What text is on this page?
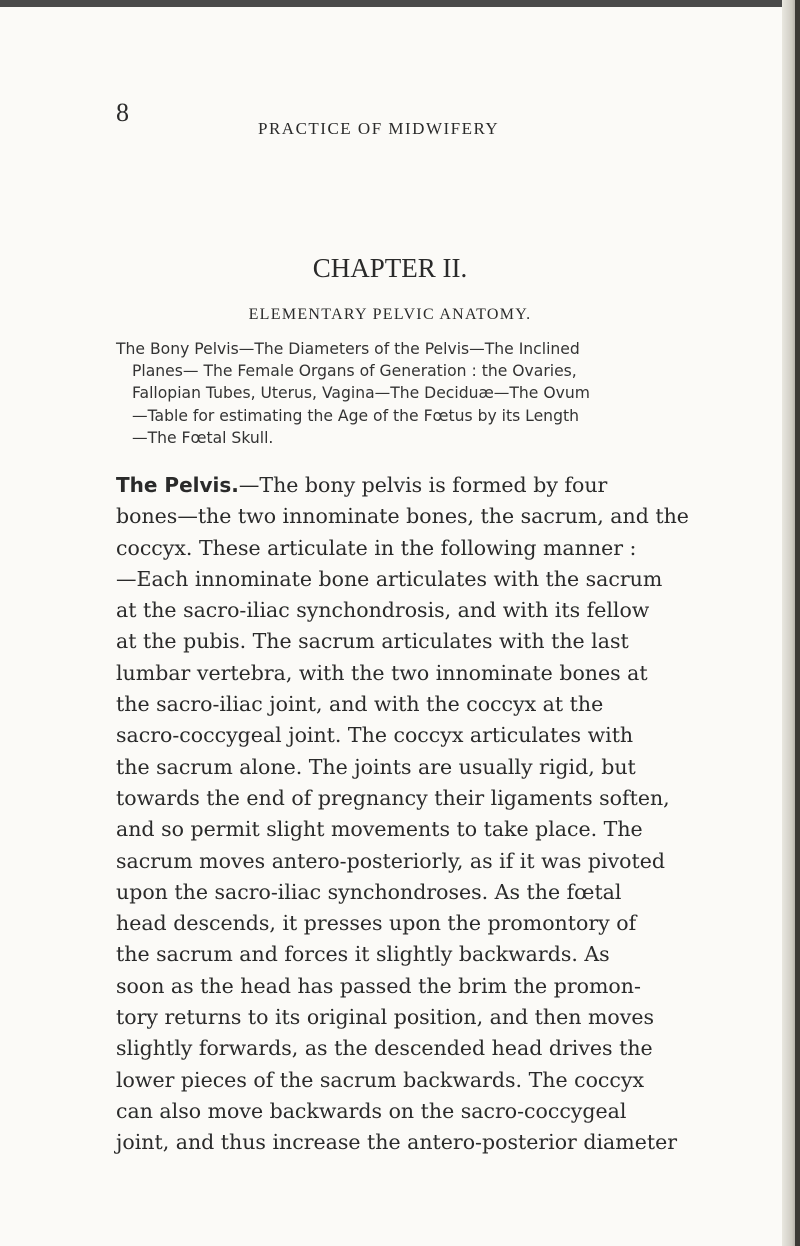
8
PRACTICE OF MIDWIFERY
CHAPTER II.
ELEMENTARY PELVIC ANATOMY.
The Bony Pelvis—The Diameters of the Pelvis—The Inclined
Planes— The Female Organs of Generation : the Ovaries,
Fallopian Tubes, Uterus, Vagina—The Deciduæ—The Ovum
—Table for estimating the Age of the Fœtus by its Length
—The Fœtal Skull.
The Pelvis.—The bony pelvis is formed by four
bones—the two innominate bones, the sacrum, and the
coccyx. These articulate in the following manner :
—Each innominate bone articulates with the sacrum
at the sacro-iliac synchondrosis, and with its fellow
at the pubis. The sacrum articulates with the last
lumbar vertebra, with the two innominate bones at
the sacro-iliac joint, and with the coccyx at the
sacro-coccygeal joint. The coccyx articulates with
the sacrum alone. The joints are usually rigid, but
towards the end of pregnancy their ligaments soften,
and so permit slight movements to take place. The
sacrum moves antero-posteriorly, as if it was pivoted
upon the sacro-iliac synchondroses. As the fœtal
head descends, it presses upon the promontory of
the sacrum and forces it slightly backwards. As
soon as the head has passed the brim the promon-
tory returns to its original position, and then moves
slightly forwards, as the descended head drives the
lower pieces of the sacrum backwards. The coccyx
can also move backwards on the sacro-coccygeal
joint, and thus increase the antero-posterior diameter
